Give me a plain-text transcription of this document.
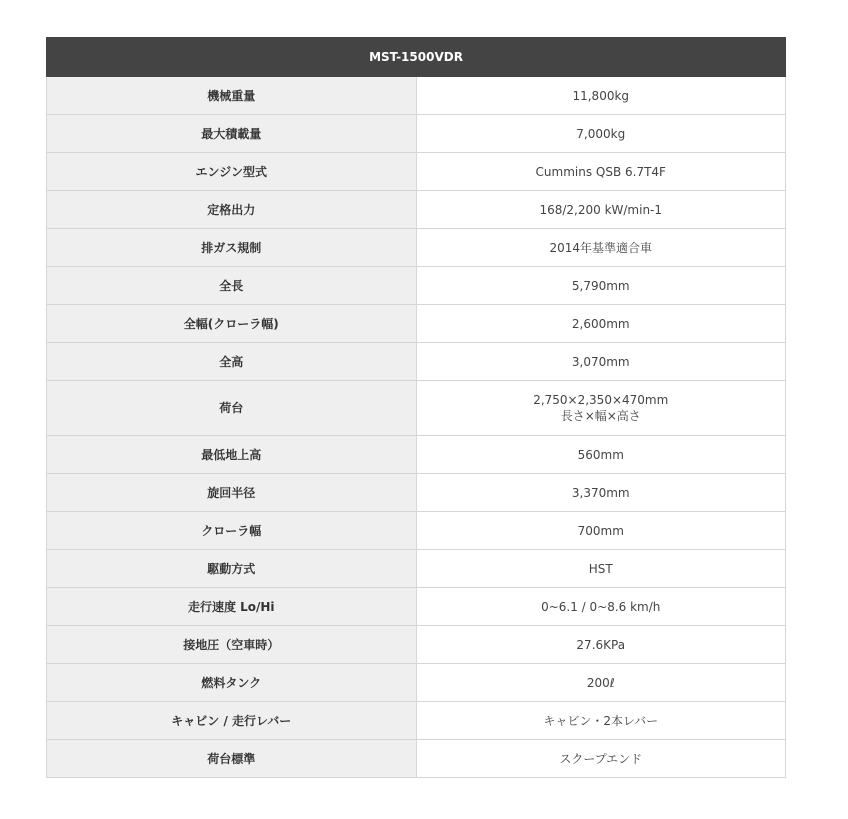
MST-1500VDR	
機械重量	11,800kg
最大積載量	7,000kg
エンジン型式	Cummins QSB 6.7T4F
定格出力	168/2,200 kW/min-1
排ガス規制	2014年基準適合車
全長	5,790mm
全幅(クローラ幅)	2,600mm
全高	3,070mm
荷台	2,750×2,350×470mm
長さ×幅×高さ

最低地上高	560mm
旋回半径	3,370mm
クローラ幅	700mm
駆動方式	HST
走行速度 Lo/Hi	0~6.1 / 0~8.6 km/h
接地圧（空車時）	27.6KPa
燃料タンク	200ℓ
キャビン / 走行レバー	キャビン・2本レバー
荷台標準	スクープエンド
